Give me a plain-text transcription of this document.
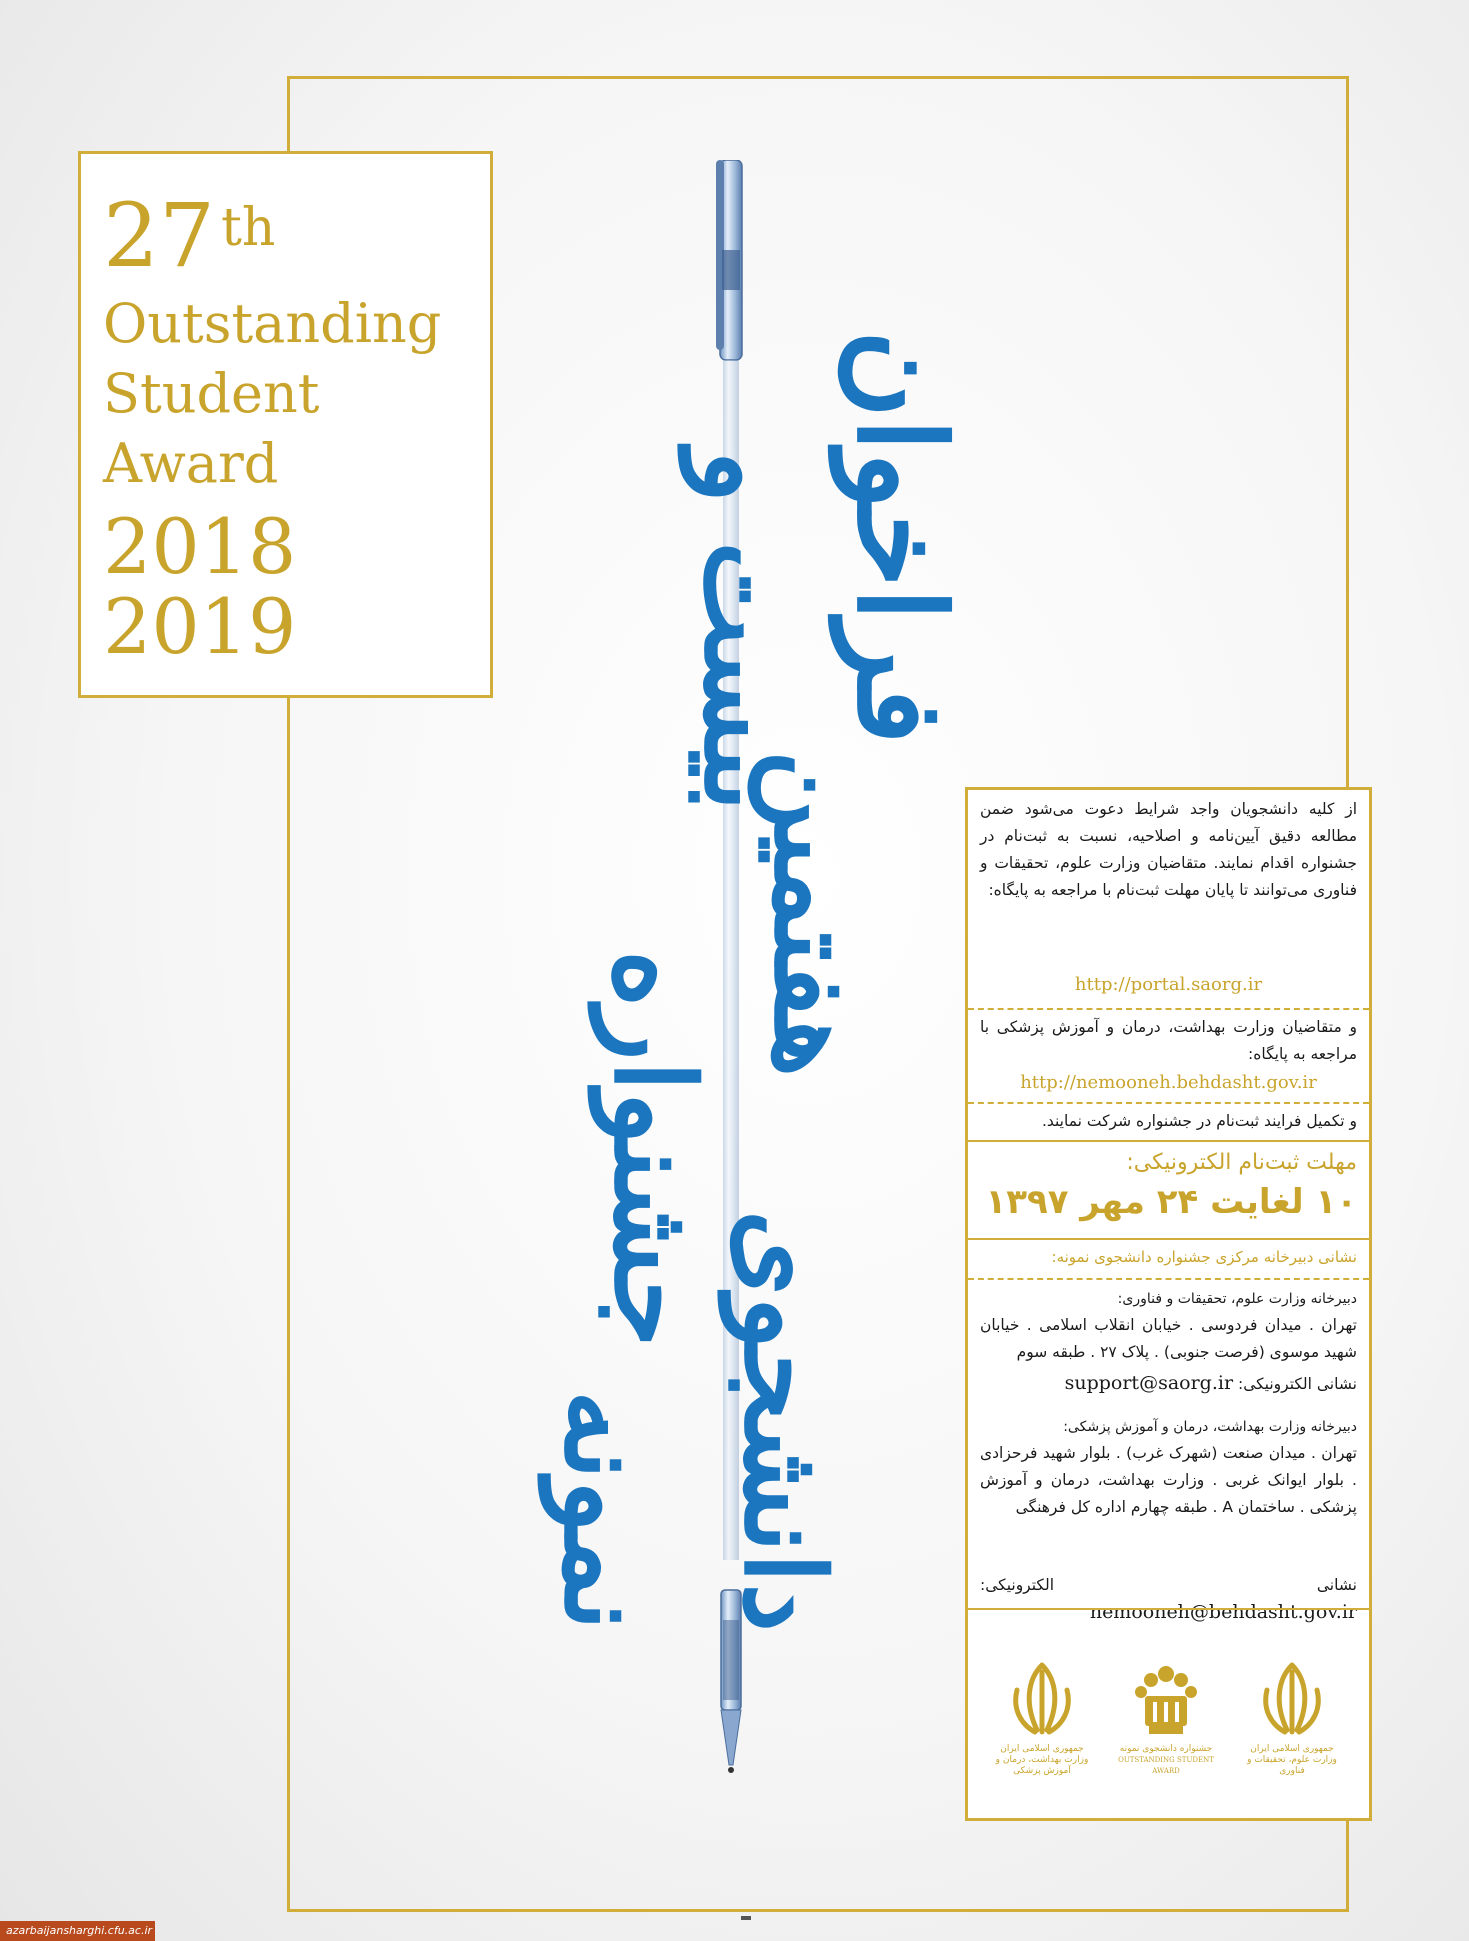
27 th
Outstanding
Student
Award
2018
2019	فراخوان
بیست و
هفتمین
جشنواره
دانشجوی
نمونه
از کلیه دانشجویان واجد شرایط دعوت می‌شود ضمن مطالعه دقیق آیین‌نامه و اصلاحیه، نسبت به ثبت‌نام در جشنواره اقدام نمایند. متقاضیان وزارت علوم، تحقیقات و فناوری می‌توانند تا پایان مهلت ثبت‌نام با مراجعه به پایگاه:
http://portal.saorg.ir
و متقاضیان وزارت بهداشت، درمان و آموزش پزشکی با مراجعه به پایگاه:
http://nemooneh.behdasht.gov.ir
و تکمیل فرایند ثبت‌نام در جشنواره شرکت نمایند.
مهلت ثبت‌نام الکترونیکی:
۱۰ لغایت ۲۴ مهر ۱۳۹۷
نشانی دبیرخانه مرکزی جشنواره دانشجوی نمونه:
دبیرخانه وزارت علوم، تحقیقات و فناوری:
تهران . میدان فردوسی . خیابان انقلاب اسلامی . خیابان شهید موسوی (فرصت جنوبی) . پلاک ۲۷ . طبقه سوم
نشانی الکترونیکی: support@saorg.ir
دبیرخانه وزارت بهداشت، درمان و آموزش پزشکی:
تهران . میدان صنعت (شهرک غرب) . بلوار شهید فرحزادی . بلوار ایوانک غربی . وزارت بهداشت، درمان و آموزش پزشکی . ساختمان A . طبقه چهارم اداره کل فرهنگی
نشانی الکترونیکی: nemooneh@behdasht.gov.ir
جمهوری اسلامی ایران وزارت علوم، تحقیقات و فناوری
جشنواره دانشجوی نمونه
OUTSTANDING STUDENT AWARD
جمهوری اسلامی ایران وزارت بهداشت، درمان و آموزش پزشکی
azarbaijansharghi.cfu.ac.ir
